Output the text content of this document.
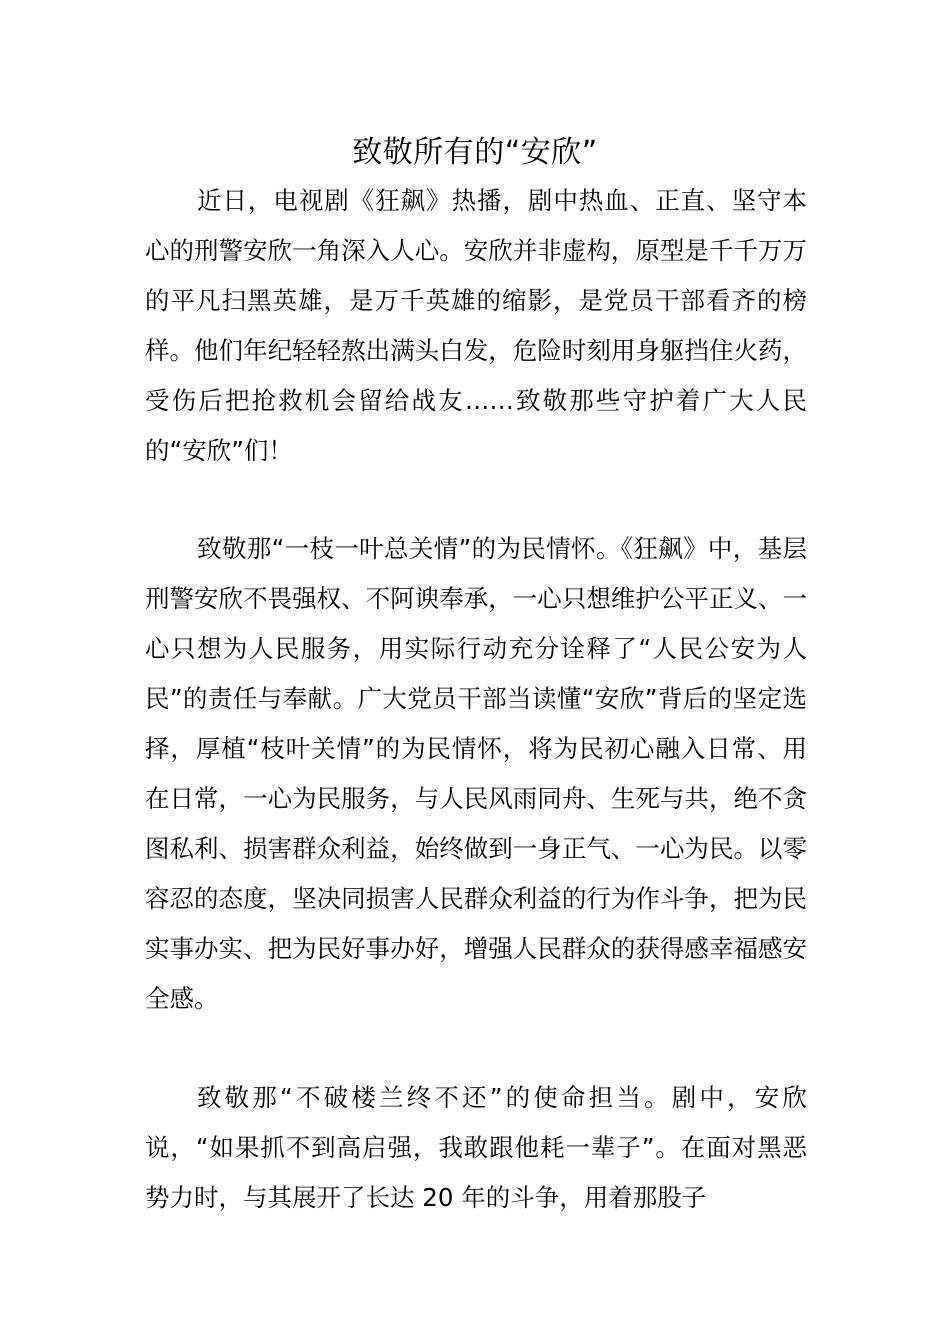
致敬所有的“安欣”

近日，电视剧《狂飙》热播，剧中热血、正直、坚守本心的刑警安欣一角深入人心。安欣并非虚构，原型是千千万万的平凡扫黑英雄，是万千英雄的缩影，是党员干部看齐的榜样。他们年纪轻轻熬出满头白发，危险时刻用身躯挡住火药，受伤后把抢救机会留给战友……致敬那些守护着广大人民的“安欣”们！

致敬那“一枝一叶总关情”的为民情怀。《狂飙》中，基层刑警安欣不畏强权、不阿谀奉承，一心只想维护公平正义、一心只想为人民服务，用实际行动充分诠释了“人民公安为人民”的责任与奉献。广大党员干部当读懂“安欣”背后的坚定选择，厚植“枝叶关情”的为民情怀，将为民初心融入日常、用在日常，一心为民服务，与人民风雨同舟、生死与共，绝不贪图私利、损害群众利益，始终做到一身正气、一心为民。以零容忍的态度，坚决同损害人民群众利益的行为作斗争，把为民实事办实、把为民好事办好，增强人民群众的获得感幸福感安全感。

致敬那“不破楼兰终不还”的使命担当。剧中，安欣说，“如果抓不到高启强，我敢跟他耗一辈子”。在面对黑恶势力时，与其展开了长达 20 年的斗争，用着那股子
